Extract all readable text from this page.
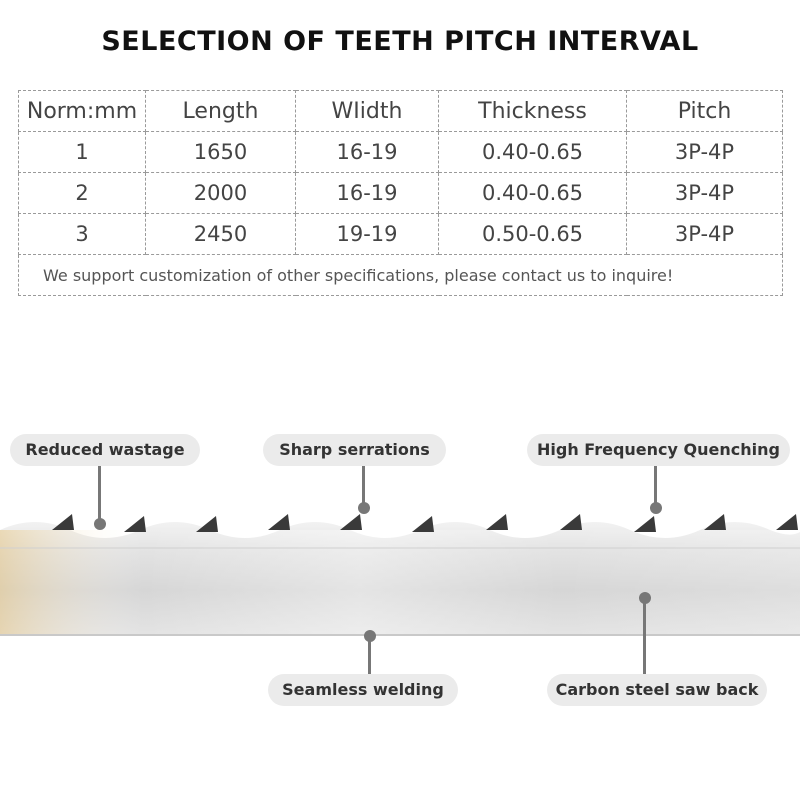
SELECTION OF TEETH PITCH INTERVAL
Norm:mm	Length	WIidth	Thickness	Pitch
1	1650	16-19	0.40-0.65	3P-4P
2	2000	16-19	0.40-0.65	3P-4P
3	2450	19-19	0.50-0.65	3P-4P
We support customization of other specifications, please contact us to inquire!				
Reduced wastage	Sharp serrations	High Frequency Quenching
Seamless welding	Carbon steel saw back
